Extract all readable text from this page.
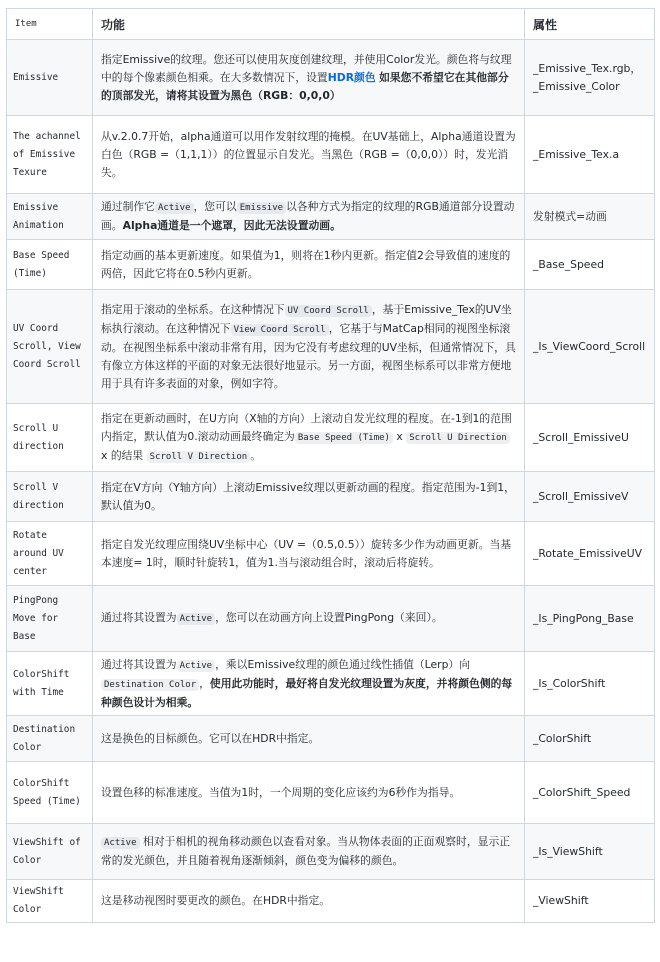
Item	功能	属性
Emissive	指定Emissive的纹理。您还可以使用灰度创建纹理，并使用Color发光。颜色将与纹理中的每个像素颜色相乘。在大多数情况下，设置HDR颜色 如果您不希望它在其他部分的顶部发光，请将其设置为黑色（RGB：0,0,0）	_Emissive_Tex.rgb，_Emissive_Color
The achannel of Emissive Texure	从v.2.0.7开始，alpha通道可以用作发射纹理的掩模。在UV基础上，Alpha通道设置为白色（RGB =（1,1,1））的位置显示自发光。当黑色（RGB =（0,0,0））时，发光消失。	_Emissive_Tex.a
Emissive Animation	通过制作它 Active ，您可以 Emissive 以各种方式为指定的纹理的RGB通道部分设置动画。Alpha通道是一个遮罩，因此无法设置动画。	发射模式=动画
Base Speed (Time)	指定动画的基本更新速度。如果值为1，则将在1秒内更新。指定值2会导致值的速度的两倍，因此它将在0.5秒内更新。	_Base_Speed
UV Coord Scroll, View Coord Scroll	指定用于滚动的坐标系。在这种情况下 UV Coord Scroll ，基于Emissive_Tex的UV坐标执行滚动。在这种情况下 View Coord Scroll ，它基于与MatCap相同的视图坐标滚动。在视图坐标系中滚动非常有用，因为它没有考虑纹理的UV坐标，但通常情况下，具有像立方体这样的平面的对象无法很好地显示。另一方面，视图坐标系可以非常方便地用于具有许多表面的对象，例如字符。	_Is_ViewCoord_Scroll
Scroll U direction	指定在更新动画时，在U方向（X轴的方向）上滚动自发光纹理的程度。在-1到1的范围内指定，默认值为0.滚动动画最终确定为 Base Speed (Time) x Scroll U Direction x 的结果 Scroll V Direction 。	_Scroll_EmissiveU
Scroll V direction	指定在V方向（Y轴方向）上滚动Emissive纹理以更新动画的程度。指定范围为-1到1，默认值为0。	_Scroll_EmissiveV
Rotate around UV center	指定自发光纹理应围绕UV坐标中心（UV =（0.5,0.5））旋转多少作为动画更新。当基本速度= 1时，顺时针旋转1，值为1.当与滚动组合时，滚动后将旋转。	_Rotate_EmissiveUV
PingPong Move for Base	通过将其设置为 Active ，您可以在动画方向上设置PingPong（来回）。	_Is_PingPong_Base
ColorShift with Time	通过将其设置为 Active ，乘以Emissive纹理的颜色通过线性插值（Lerp）向Destination Color ，使用此功能时，最好将自发光纹理设置为灰度，并将颜色侧的每种颜色设计为相乘。	_Is_ColorShift
Destination Color	这是换色的目标颜色。它可以在HDR中指定。	_ColorShift
ColorShift Speed (Time)	设置色移的标准速度。当值为1时，一个周期的变化应该约为6秒作为指导。	_ColorShift_Speed
ViewShift of Color	Active 相对于相机的视角移动颜色以查看对象。当从物体表面的正面观察时，显示正常的发光颜色，并且随着视角逐渐倾斜，颜色变为偏移的颜色。	_Is_ViewShift
ViewShift Color	这是移动视图时要更改的颜色。在HDR中指定。	_ViewShift
